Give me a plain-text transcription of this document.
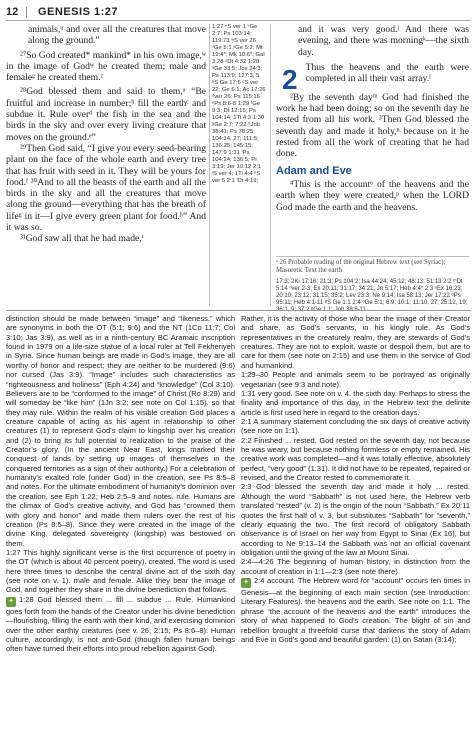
12 | GENESIS 1:27

animals,ᵘ and over all the creatures that move along the ground.”

²⁷So God created* mankind* in his own image,ʷ in the image of Godʷ he created them; male and femaleᵍ he created them.ᶻ

²⁸God blessed them and said to them,ᵃ “Be fruitful and increase in number;ᵇ fill the earthᶜ and subdue it. Rule overᵈ the fish in the sea and the birds in the sky and over every living creature that moves on the ground.ᵉ”

²⁹Then God said, “I give you every seed-bearing plant on the face of the whole earth and every tree that has fruit with seed in it. They will be yours for food.ᶠ ³⁰And to all the beasts of the earth and all the birds in the sky and all the creatures that move along the ground—everything that has the breath of lifeᵍ in it—I give every green plant for food.ʰ” And it was so.

³¹God saw all that he had made,ⁱ

1:27 ⁿS ver 1 ᵛGe 2:7; Ps 103:14; 119:73 ʷS ver 26 ˣGe 5:1 ʸGe 5:2; Mt 19:4*; Mk 10:6*; Gal 3:28 ᶻDt 4:32 1:28 ᵃGe 33:5; Jos 24:3; Ps 113:9; 127:3, 5 ᵇS Ge 17:6 ᶜS ver 22; Ge 6:1; Ac 17:26 ᵈver 26; Ps 115:16 ᵉPs 8:6-8 1:29 ᶠGe 9:3; Dt 12:15; Ps 104:14; 1Ti 4:3 1:30 ᵍGe 2:7; 7:22 ʰJob 38:41; Ps 78:25; 104:14, 27; 111:5; 136:25; 145:15; 147:9 1:31 ⁱPs 104:24; 136:5; Pr 3:19; Jer 10:12 2:1 ʲS ver 4; 1Ti 4:4 ᵏS ver 5 2:1 ˡDt 4:19;

and it was very good.ʲ And there was evening, and there was morningᵏ—the sixth day.

2 Thus the heavens and the earth were completed in all their vast array.ˡ

²By the seventh dayᵐ God had finished the work he had been doing; so on the seventh day he rested from all his work. ³Then God blessed the seventh day and made it holy,ⁿ because on it he rested from all the work of creating that he had done.

Adam and Eve

⁴This is the accountᵒ of the heavens and the earth when they were created,ᵖ when the LORD God made the earth and the heavens.

ᵃ 26 Probable reading of the original Hebrew text (see Syriac); Masoretic Text the earth
17:3; 2Ki 17:16; 21:3; Ps 104:2; Isa 44:24; 45:12; 48:13; 51:13 2:2 ᵐDt 5:14 ⁿver 2-3; Ex 20:11; 31:17; 34:21; Jn 5:17; Heb 4:4* 2:3 ⁿEx 16:23; 20:10; 23:12; 31:15; 35:2; Lev 23:3; Ne 9:14; Isa 58:13; Jer 17:22 ᵒPs 95:11; Heb 4:1-11 ᵖS Ge 1:1 2:4 ᵒGe 5:1; 6:9; 10:1; 11:10, 27; 25:12, 19;

distinction should be made between “image” and “likeness,” which are synonyms in both the OT (5:1; 9:6) and the NT (1Co 11:7; Col 3:10; Jas 3:9), as well as in a ninth-century BC Aramaic inscription found in 1979 on a life-size statue of a local ruler at Tell Fekheriyeh in Syria. Since human beings are made in God’s image, they are all worthy of honor and respect; they are neither to be murdered (9:6) nor cursed (Jas 3:9). “Image” includes such characteristics as “righteousness and holiness” (Eph 4:24) and “knowledge” (Col 3:10). Believers are to be “conformed to the image” of Christ (Ro 8:29) and will someday be “like him” (1Jn 3:2; see note on Col 1:15). so that they may rule. Within the realm of his visible creation God places a creature capable of acting as his agent in relationship to other creatures (1) to represent God’s claim to kingship over his creation and (2) to bring its full potential to realization to the praise of the Creator’s glory. (In the ancient Near East, kings marked their conquest of lands by setting up images of themselves in the conquered territories as a sign of their authority.) For a celebration of humanity’s exalted role (under God) in the creation, see Ps 8:5–8 and notes. For the ultimate embodiment of humanity’s dominion over the creation, see Eph 1:22; Heb 2:5–9 and notes. rule. Humans are the climax of God’s creative activity, and God has “crowned them with glory and honor” and made them rulers over the rest of his creation (Ps 8:5–8). Since they were created in the image of the divine King, delegated sovereignty (kingship) was bestowed on them.

1:27 This highly significant verse is the first occurrence of poetry in the OT (which is about 40 percent poetry). created. The word is used here three times to describe the central divine act of the sixth day (see note on v. 1). male and female. Alike they bear the image of God, and together they share in the divine benediction that follows.

✦ 1:28 God blessed them ... fill ... subdue ... Rule. Humankind goes forth from the hands of the Creator under his divine benediction—flourishing, filling the earth with their kind, and exercising dominion over the other earthly creatures (see v. 26; 2:15; Ps 8:6–8). Human culture, accordingly, is not anti-God (though fallen human beings often have turned their efforts into proud rebellion against God).

Rather, it is the activity of those who bear the image of their Creator and share, as God’s servants, in his kingly rule. As God’s representatives in the creaturely realm, they are stewards of God’s creatures. They are not to exploit, waste or despoil them, but are to care for them (see note on 2:15) and use them in the service of God and humankind.

1:29–30 People and animals seem to be portrayed as originally vegetarian (see 9:3 and note).

1:31 very good. See note on v. 4. the sixth day. Perhaps to stress the finality and importance of this day, in the Hebrew text the definite article is first used here in regard to the creation days.

2:1 A summary statement concluding the six days of creative activity (see note on 1:1).

2:2 Finished ... rested. God rested on the seventh day, not because he was weary, but because nothing formless or empty remained. His creative work was completed—and it was totally effective, absolutely perfect, “very good” (1:31). It did not have to be repeated, repaired or revised, and the Creator rested to commemorate it.

2:3 God blessed the seventh day and made it holy ... rested. Although the word “Sabbath” is not used here, the Hebrew verb translated “rested” (v. 2) is the origin of the noun “Sabbath.” Ex 20:11 quotes the first half of v. 3, but substitutes “Sabbath” for “seventh,” clearly equating the two. The first record of obligatory Sabbath observance is of Israel on her way from Egypt to Sinai (Ex 16), but according to Ne 9:13–14 the Sabbath was not an official covenant obligation until the giving of the law at Mount Sinai.

2:4—4:26 The beginning of human history, in distinction from the account of creation in 1:1—2:3 (see note there).

✦ 2:4 account. The Hebrew word for “account” occurs ten times in Genesis—at the beginning of each main section (see Introduction: Literary Features). the heavens and the earth. See note on 1:1. The phrase “the account of the heavens and the earth” introduces the story of what happened to God’s creation. The blight of sin and rebellion brought a threefold curse that darkens the story of Adam and Eve in God’s good and beautiful garden: (1) on Satan (3:14);
